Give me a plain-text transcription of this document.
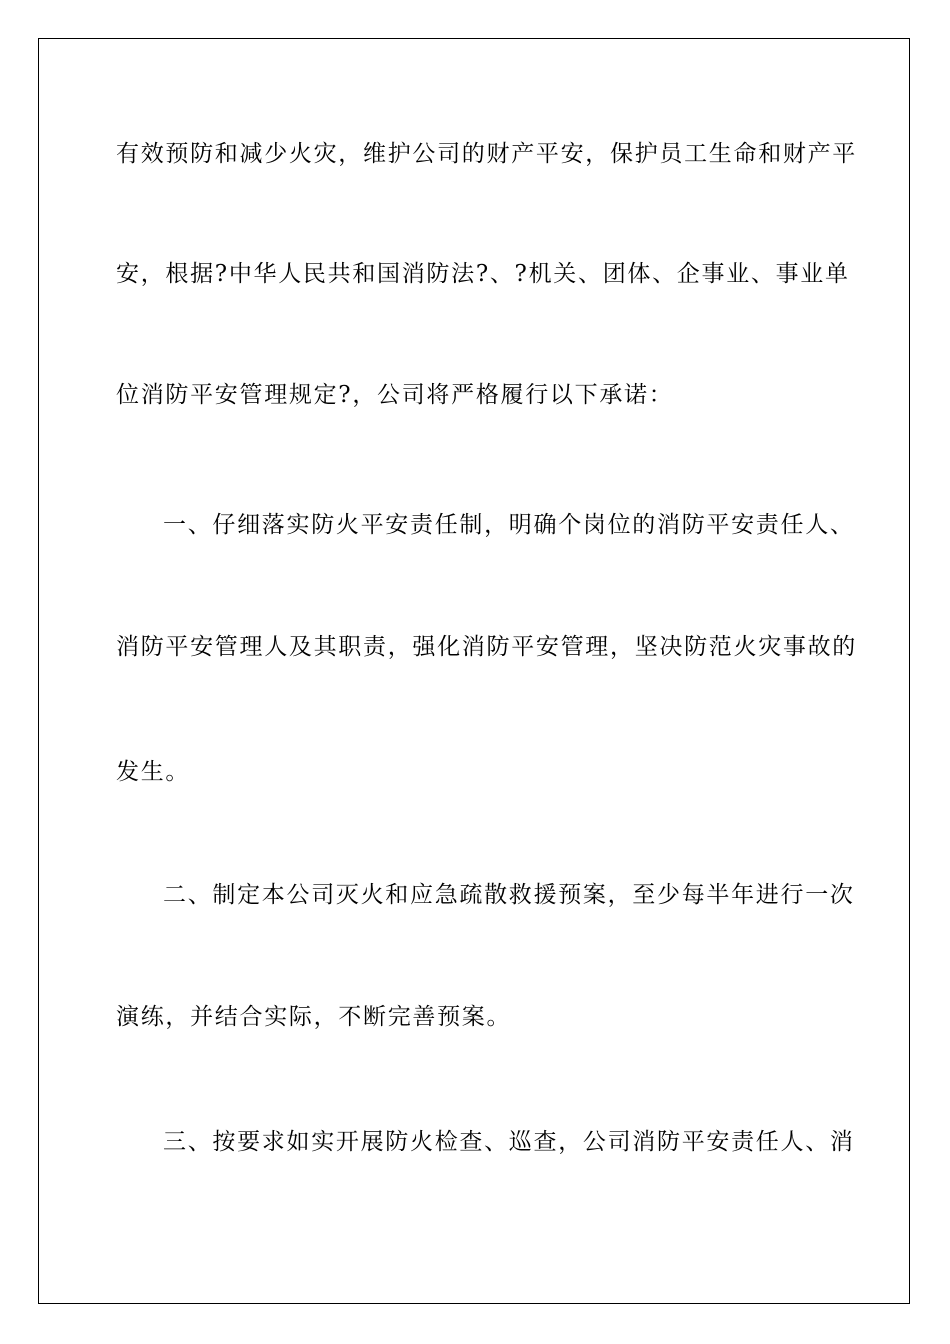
有效预防和减少火灾，维护公司的财产平安，保护员工生命和财产平
安，根据?中华人民共和国消防法?、?机关、团体、企事业、事业单
位消防平安管理规定?，公司将严格履行以下承诺：
一、仔细落实防火平安责任制，明确个岗位的消防平安责任人、
消防平安管理人及其职责，强化消防平安管理，坚决防范火灾事故的
发生。
二、制定本公司灭火和应急疏散救援预案，至少每半年进行一次
演练，并结合实际，不断完善预案。
三、按要求如实开展防火检查、巡查，公司消防平安责任人、消
